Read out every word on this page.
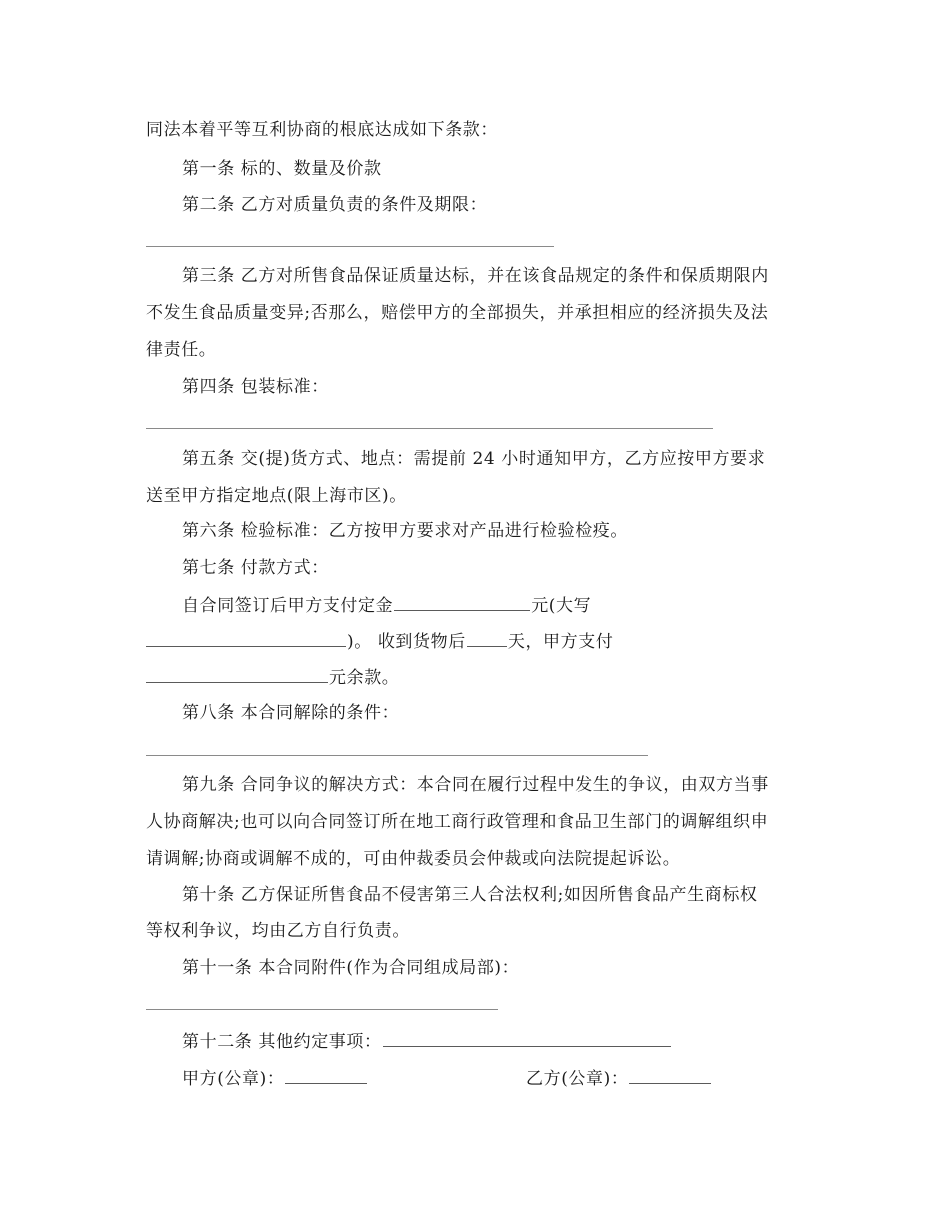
同法本着平等互利协商的根底达成如下条款：
第一条 标的、数量及价款
第二条 乙方对质量负责的条件及期限：
第三条 乙方对所售食品保证质量达标，并在该食品规定的条件和保质期限内
不发生食品质量变异;否那么，赔偿甲方的全部损失，并承担相应的经济损失及法
律责任。
第四条 包装标准：
第五条 交(提)货方式、地点：需提前 24 小时通知甲方，乙方应按甲方要求
送至甲方指定地点(限上海市区)。
第六条 检验标准：乙方按甲方要求对产品进行检验检疫。
第七条 付款方式：
自合同签订后甲方支付定金	元(大写
)。 收到货物后 天，甲方支付
元余款。
第八条 本合同解除的条件：
第九条 合同争议的解决方式：本合同在履行过程中发生的争议，由双方当事
人协商解决;也可以向合同签订所在地工商行政管理和食品卫生部门的调解组织申
请调解;协商或调解不成的，可由仲裁委员会仲裁或向法院提起诉讼。
第十条 乙方保证所售食品不侵害第三人合法权利;如因所售食品产生商标权
等权利争议，均由乙方自行负责。
第十一条 本合同附件(作为合同组成局部)：
第十二条 其他约定事项：
甲方(公章)：	乙方(公章)：
